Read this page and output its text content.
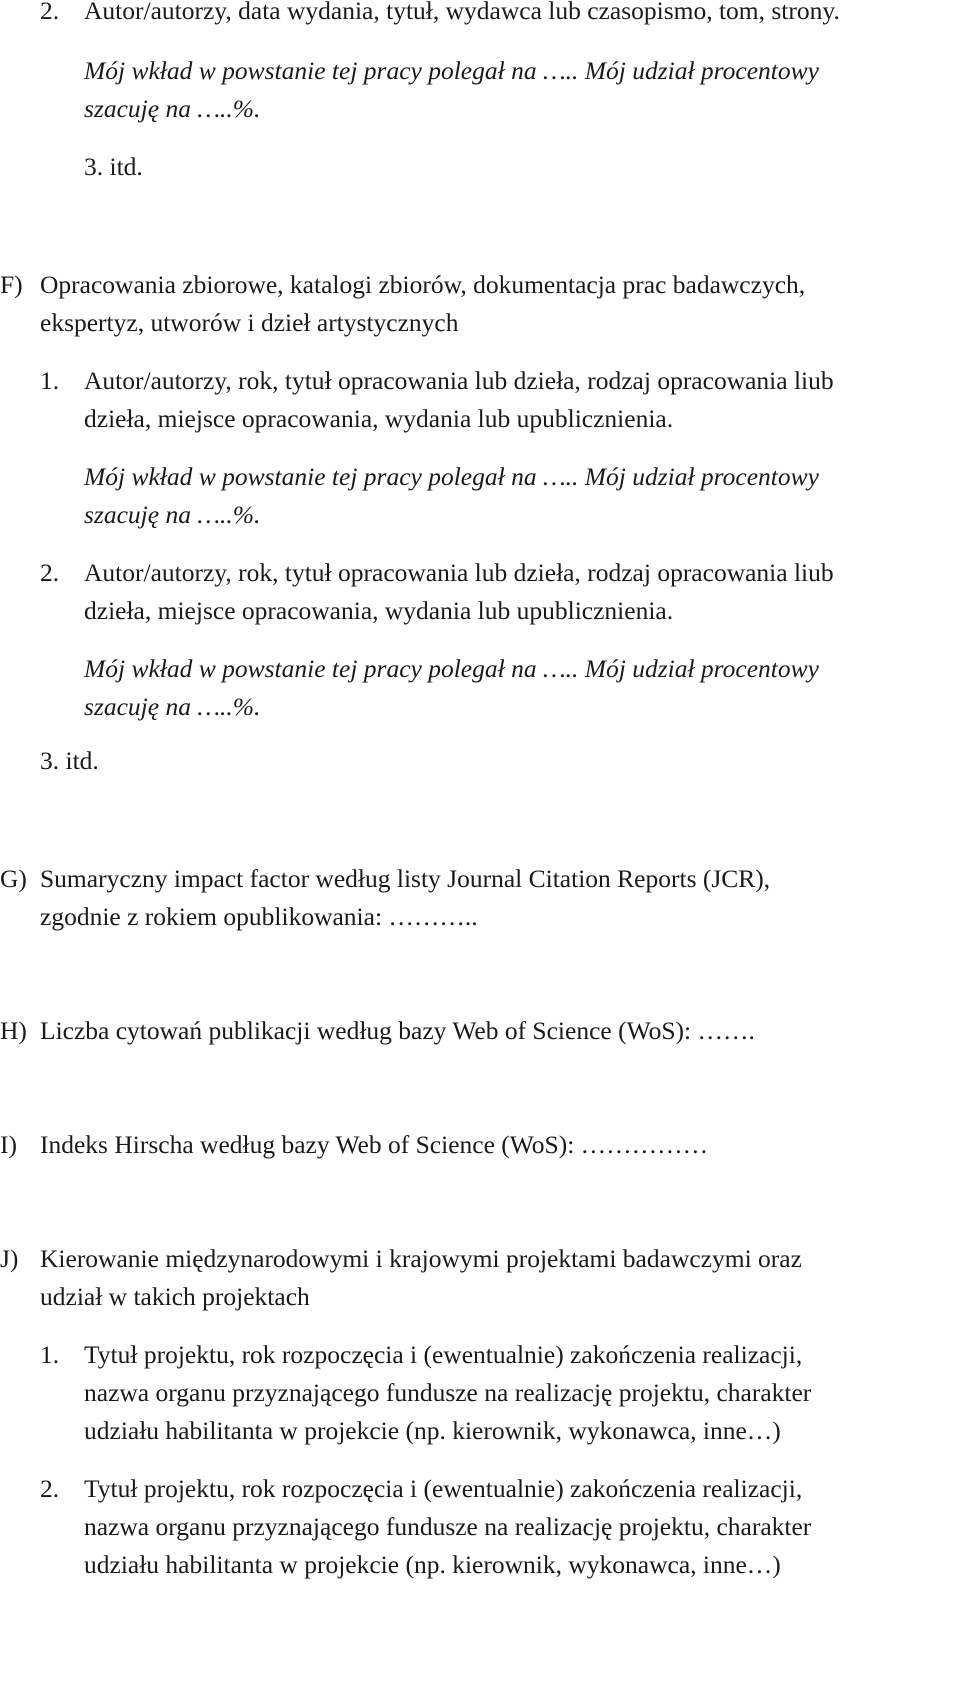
2. Autor/autorzy, data wydania, tytuł, wydawca lub czasopismo, tom, strony.

Mój wkład w powstanie tej pracy polegał na ….. Mój udział procentowy

szacuję na …..%.

3. itd.

F) Opracowania zbiorowe, katalogi zbiorów, dokumentacja prac badawczych,

ekspertyz, utworów i dzieł artystycznych

1. Autor/autorzy, rok, tytuł opracowania lub dzieła, rodzaj opracowania liub

dzieła, miejsce opracowania, wydania lub upublicznienia.

Mój wkład w powstanie tej pracy polegał na ….. Mój udział procentowy

szacuję na …..%.

2. Autor/autorzy, rok, tytuł opracowania lub dzieła, rodzaj opracowania liub

dzieła, miejsce opracowania, wydania lub upublicznienia.

Mój wkład w powstanie tej pracy polegał na ….. Mój udział procentowy

szacuję na …..%.

3. itd.

G) Sumaryczny impact factor według listy Journal Citation Reports (JCR),

zgodnie z rokiem opublikowania: ………..

H) Liczba cytowań publikacji według bazy Web of Science (WoS): …….

I) Indeks Hirscha według bazy Web of Science (WoS): ……………

J) Kierowanie międzynarodowymi i krajowymi projektami badawczymi oraz

udział w takich projektach

1. Tytuł projektu, rok rozpoczęcia i (ewentualnie) zakończenia realizacji,

nazwa organu przyznającego fundusze na realizację projektu, charakter

udziału habilitanta w projekcie (np. kierownik, wykonawca, inne…)

2. Tytuł projektu, rok rozpoczęcia i (ewentualnie) zakończenia realizacji,

nazwa organu przyznającego fundusze na realizację projektu, charakter

udziału habilitanta w projekcie (np. kierownik, wykonawca, inne…)
